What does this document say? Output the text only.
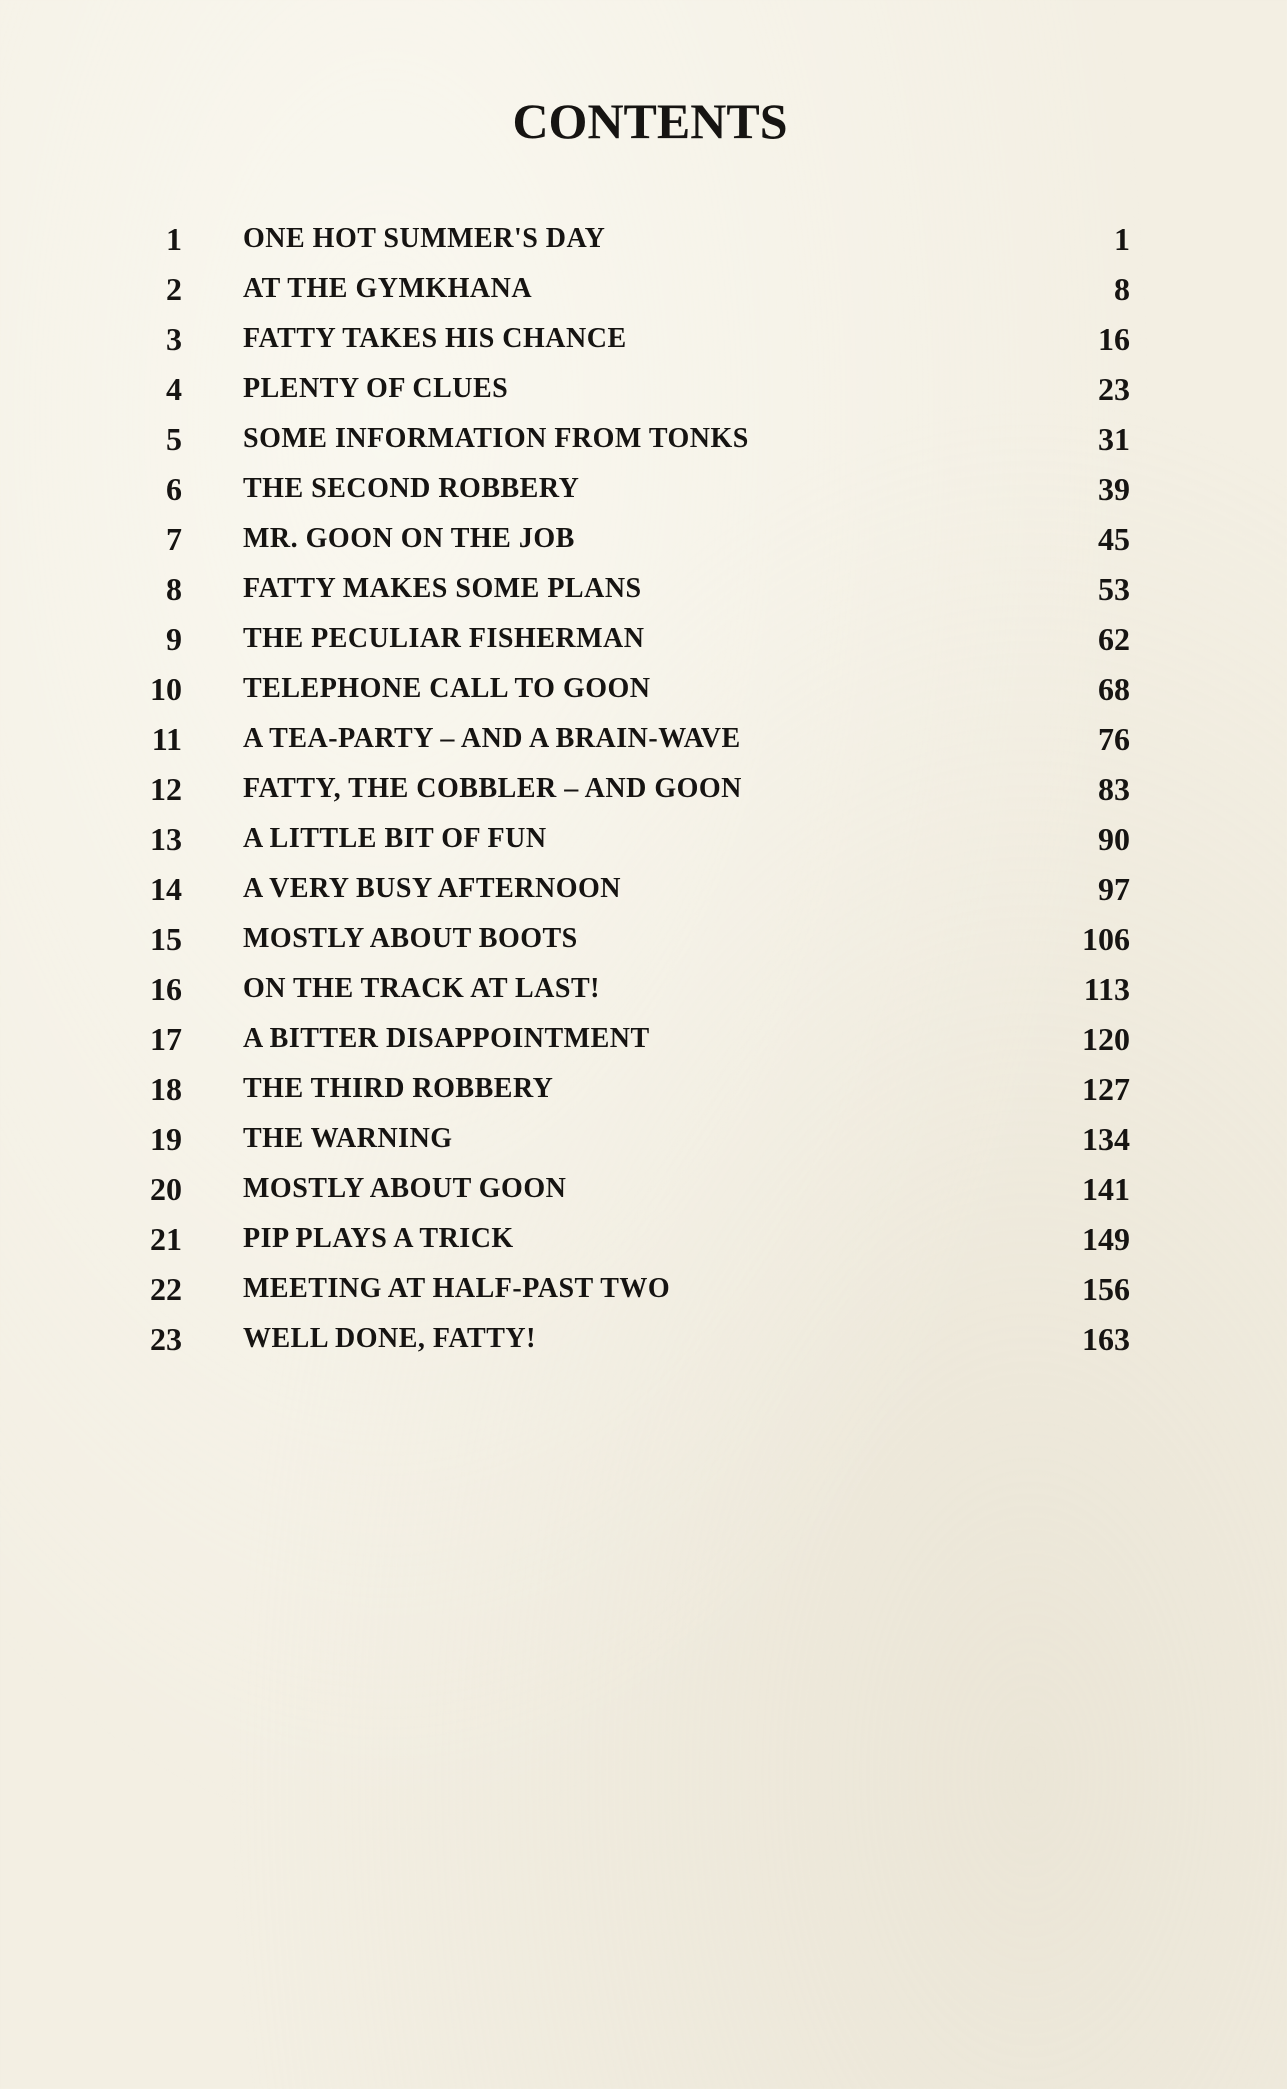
CONTENTS
1 ONE HOT SUMMER'S DAY	1
2 AT THE GYMKHANA	8
3 FATTY TAKES HIS CHANCE	16
4 PLENTY OF CLUES	23
5 SOME INFORMATION FROM TONKS	31
6 THE SECOND ROBBERY	39
7 MR. GOON ON THE JOB	45
8 FATTY MAKES SOME PLANS	53
9 THE PECULIAR FISHERMAN	62
10 TELEPHONE CALL TO GOON	68
11 A TEA-PARTY – AND A BRAIN-WAVE	76
12 FATTY, THE COBBLER – AND GOON	83
13 A LITTLE BIT OF FUN	90
14 A VERY BUSY AFTERNOON	97
15 MOSTLY ABOUT BOOTS	106
16 ON THE TRACK AT LAST!	113
17 A BITTER DISAPPOINTMENT	120
18 THE THIRD ROBBERY	127
19 THE WARNING	134
20 MOSTLY ABOUT GOON	141
21 PIP PLAYS A TRICK	149
22 MEETING AT HALF-PAST TWO	156
23 WELL DONE, FATTY!	163
